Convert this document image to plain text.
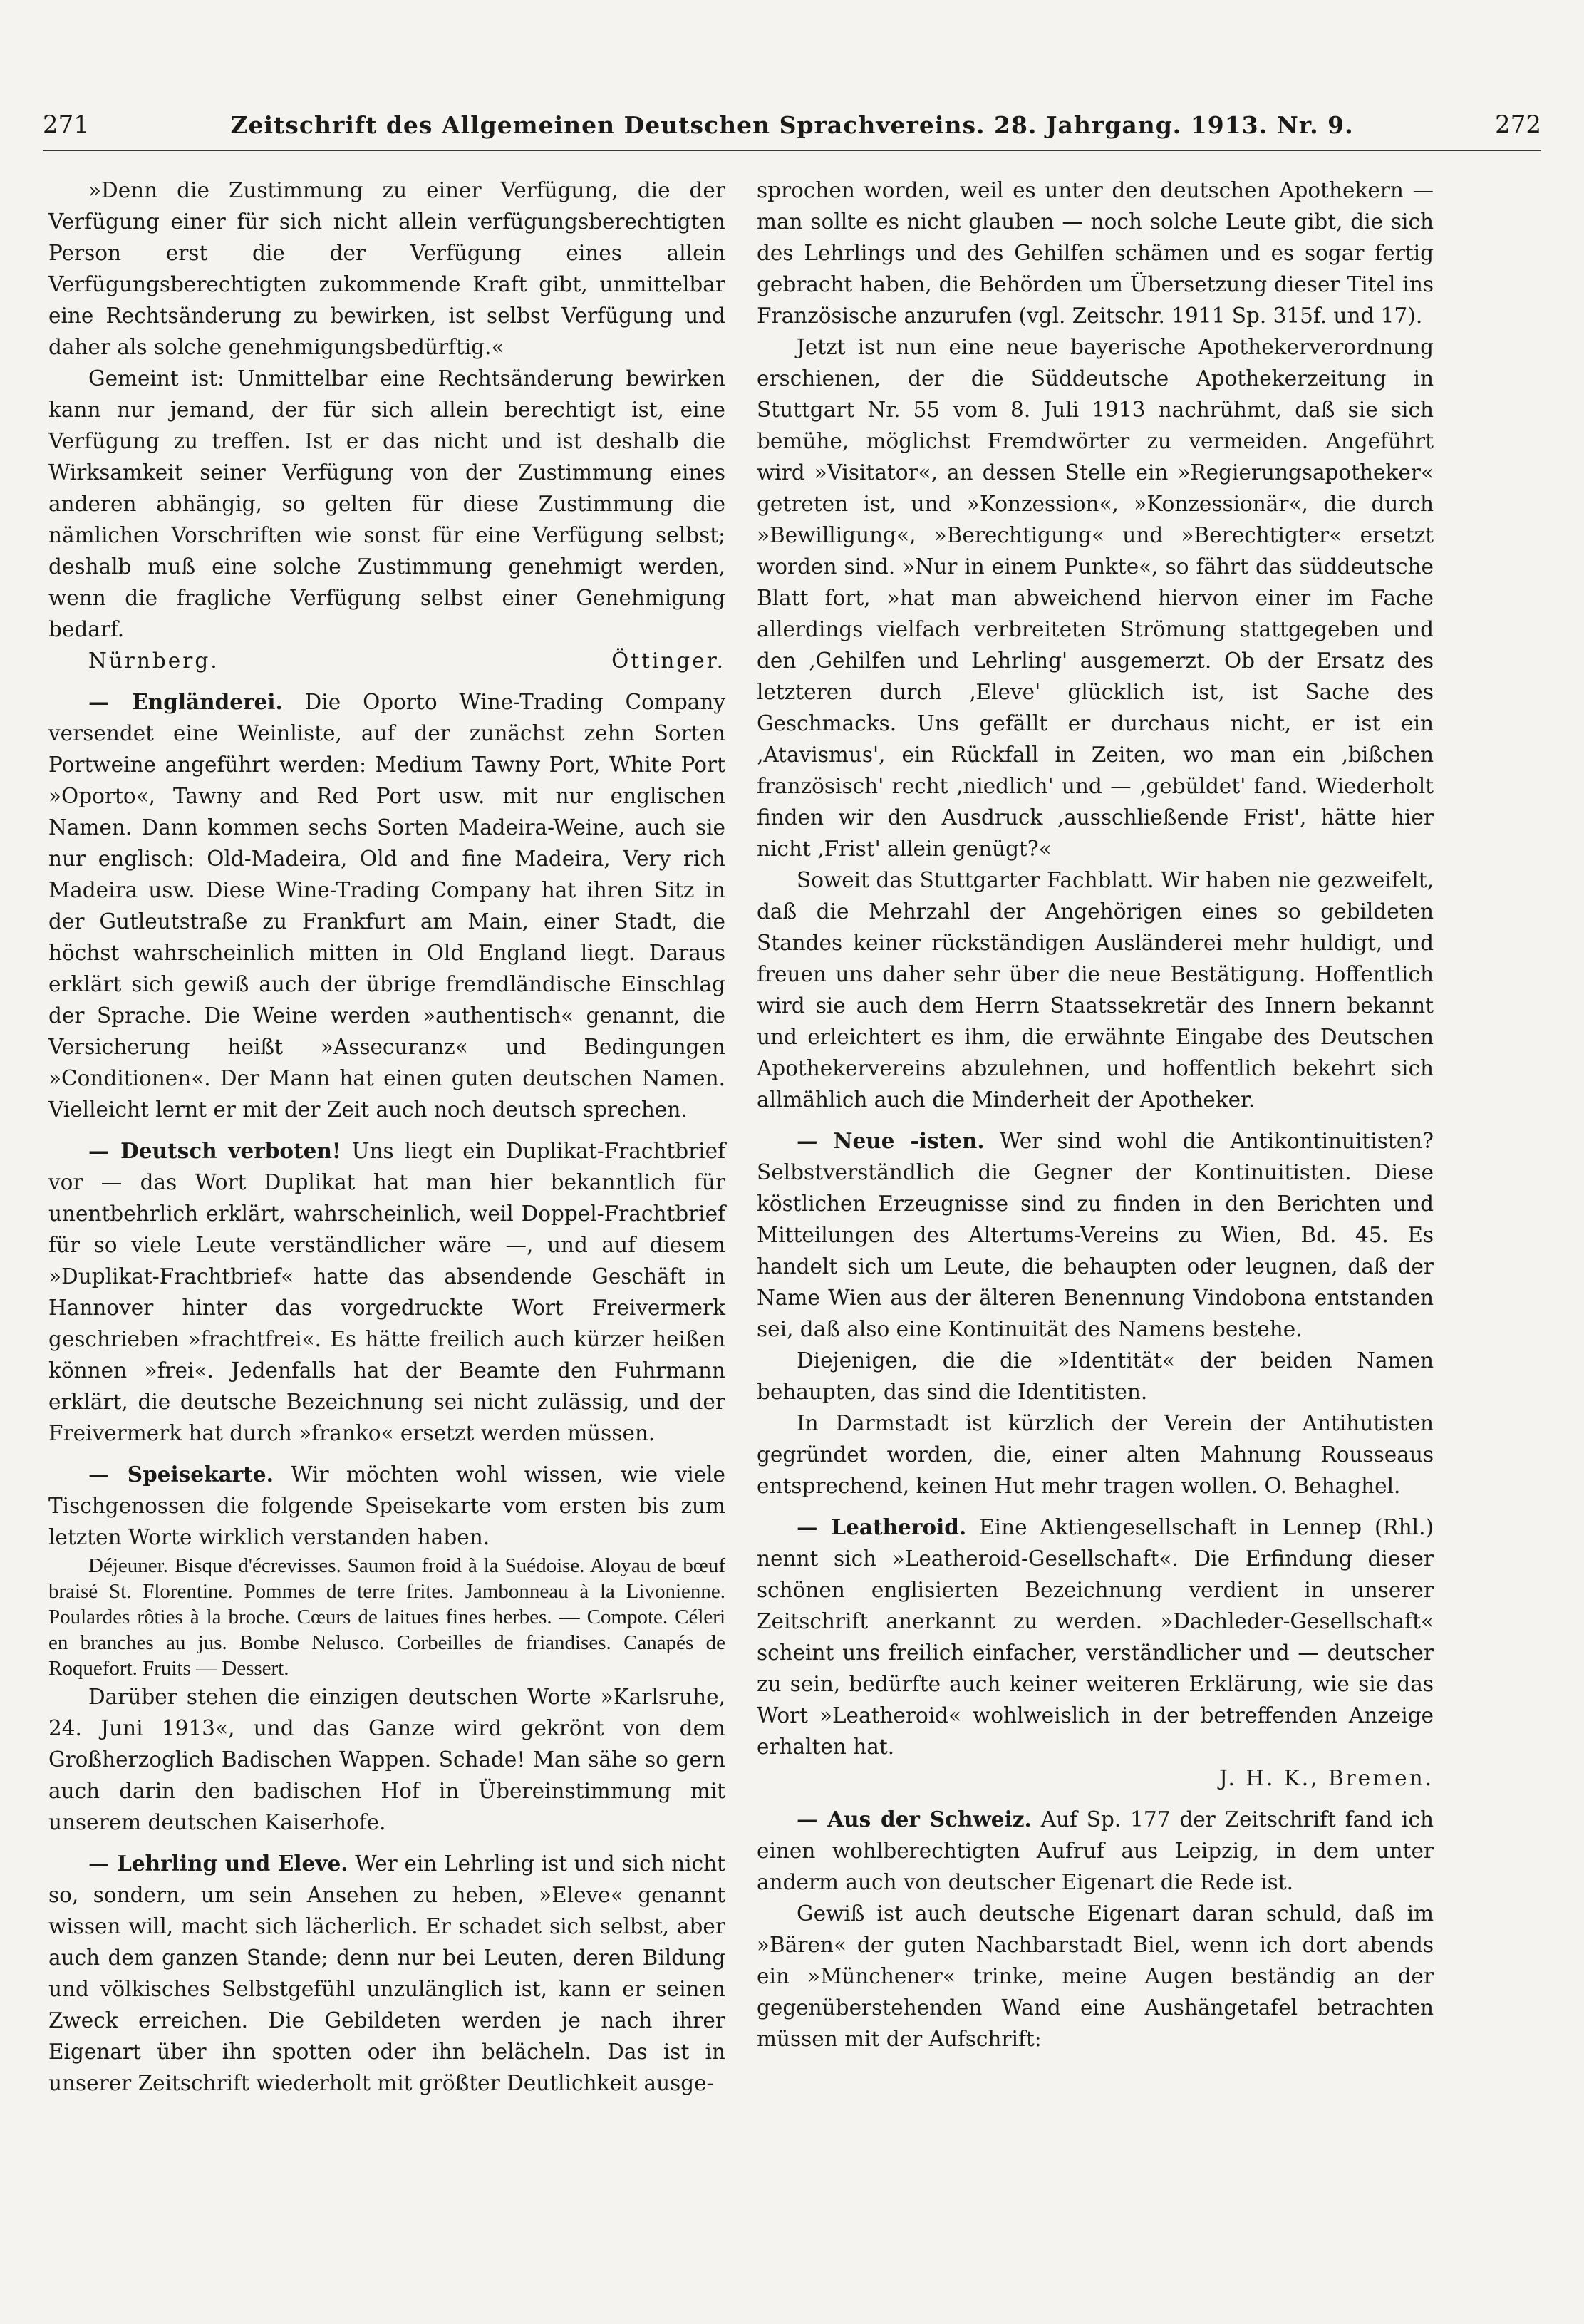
271	Zeitschrift des Allgemeinen Deutschen Sprachvereins. 28. Jahrgang. 1913. Nr. 9.	272

»Denn die Zustimmung zu einer Verfügung, die der Verfügung einer für sich nicht allein verfügungsberechtigten Person erst die der Verfügung eines allein Verfügungsberechtigten zukommende Kraft gibt, unmittelbar eine Rechtsänderung zu bewirken, ist selbst Verfügung und daher als solche genehmigungsbedürftig.«

Gemeint ist: Unmittelbar eine Rechtsänderung bewirken kann nur jemand, der für sich allein berechtigt ist, eine Verfügung zu treffen. Ist er das nicht und ist deshalb die Wirksamkeit seiner Verfügung von der Zustimmung eines anderen abhängig, so gelten für diese Zustimmung die nämlichen Vorschriften wie sonst für eine Verfügung selbst; deshalb muß eine solche Zustimmung genehmigt werden, wenn die fragliche Verfügung selbst einer Genehmigung bedarf.

Nürnberg.	Öttinger.

— Engländerei. Die Oporto Wine-Trading Company versendet eine Weinliste, auf der zunächst zehn Sorten Portweine angeführt werden: Medium Tawny Port, White Port »Oporto«, Tawny and Red Port usw. mit nur englischen Namen. Dann kommen sechs Sorten Madeira-Weine, auch sie nur englisch: Old-Madeira, Old and fine Madeira, Very rich Madeira usw. Diese Wine-Trading Company hat ihren Sitz in der Gutleutstraße zu Frankfurt am Main, einer Stadt, die höchst wahrscheinlich mitten in Old England liegt. Daraus erklärt sich gewiß auch der übrige fremdländische Einschlag der Sprache. Die Weine werden »authentisch« genannt, die Versicherung heißt »Assecuranz« und Bedingungen »Conditionen«. Der Mann hat einen guten deutschen Namen. Vielleicht lernt er mit der Zeit auch noch deutsch sprechen.

— Deutsch verboten! Uns liegt ein Duplikat-Frachtbrief vor — das Wort Duplikat hat man hier bekanntlich für unentbehrlich erklärt, wahrscheinlich, weil Doppel-Frachtbrief für so viele Leute verständlicher wäre —, und auf diesem »Duplikat-Frachtbrief« hatte das absendende Geschäft in Hannover hinter das vorgedruckte Wort Freivermerk geschrieben »frachtfrei«. Es hätte freilich auch kürzer heißen können »frei«. Jedenfalls hat der Beamte den Fuhrmann erklärt, die deutsche Bezeichnung sei nicht zulässig, und der Freivermerk hat durch »franko« ersetzt werden müssen.

— Speisekarte. Wir möchten wohl wissen, wie viele Tischgenossen die folgende Speisekarte vom ersten bis zum letzten Worte wirklich verstanden haben.

Déjeuner. Bisque d'écrevisses. Saumon froid à la Suédoise. Aloyau de bœuf braisé St. Florentine. Pommes de terre frites. Jambonneau à la Livonienne. Poulardes rôties à la broche. Cœurs de laitues fines herbes. — Compote. Céleri en branches au jus. Bombe Nelusco. Corbeilles de friandises. Canapés de Roquefort. Fruits — Dessert.

Darüber stehen die einzigen deutschen Worte »Karlsruhe, 24. Juni 1913«, und das Ganze wird gekrönt von dem Großherzoglich Badischen Wappen. Schade! Man sähe so gern auch darin den badischen Hof in Übereinstimmung mit unserem deutschen Kaiserhofe.

— Lehrling und Eleve. Wer ein Lehrling ist und sich nicht so, sondern, um sein Ansehen zu heben, »Eleve« genannt wissen will, macht sich lächerlich. Er schadet sich selbst, aber auch dem ganzen Stande; denn nur bei Leuten, deren Bildung und völkisches Selbstgefühl unzulänglich ist, kann er seinen Zweck erreichen. Die Gebildeten werden je nach ihrer Eigenart über ihn spotten oder ihn belächeln. Das ist in unserer Zeitschrift wiederholt mit größter Deutlichkeit ausge-

sprochen worden, weil es unter den deutschen Apothekern — man sollte es nicht glauben — noch solche Leute gibt, die sich des Lehrlings und des Gehilfen schämen und es sogar fertig gebracht haben, die Behörden um Übersetzung dieser Titel ins Französische anzurufen (vgl. Zeitschr. 1911 Sp. 315f. und 17).

Jetzt ist nun eine neue bayerische Apothekerverordnung erschienen, der die Süddeutsche Apothekerzeitung in Stuttgart Nr. 55 vom 8. Juli 1913 nachrühmt, daß sie sich bemühe, möglichst Fremdwörter zu vermeiden. Angeführt wird »Visitator«, an dessen Stelle ein »Regierungsapotheker« getreten ist, und »Konzession«, »Konzessionär«, die durch »Bewilligung«, »Berechtigung« und »Berechtigter« ersetzt worden sind. »Nur in einem Punkte«, so fährt das süddeutsche Blatt fort, »hat man abweichend hiervon einer im Fache allerdings vielfach verbreiteten Strömung stattgegeben und den ‚Gehilfen und Lehrling' ausgemerzt. Ob der Ersatz des letzteren durch ‚Eleve' glücklich ist, ist Sache des Geschmacks. Uns gefällt er durchaus nicht, er ist ein ‚Atavismus', ein Rückfall in Zeiten, wo man ein ‚bißchen französisch' recht ‚niedlich' und — ‚gebüldet' fand. Wiederholt finden wir den Ausdruck ‚ausschließende Frist', hätte hier nicht ‚Frist' allein genügt?«

Soweit das Stuttgarter Fachblatt. Wir haben nie gezweifelt, daß die Mehrzahl der Angehörigen eines so gebildeten Standes keiner rückständigen Ausländerei mehr huldigt, und freuen uns daher sehr über die neue Bestätigung. Hoffentlich wird sie auch dem Herrn Staatssekretär des Innern bekannt und erleichtert es ihm, die erwähnte Eingabe des Deutschen Apothekervereins abzulehnen, und hoffentlich bekehrt sich allmählich auch die Minderheit der Apotheker.

— Neue -isten. Wer sind wohl die Antikontinuitisten? Selbstverständlich die Gegner der Kontinuitisten. Diese köstlichen Erzeugnisse sind zu finden in den Berichten und Mitteilungen des Altertums-Vereins zu Wien, Bd. 45. Es handelt sich um Leute, die behaupten oder leugnen, daß der Name Wien aus der älteren Benennung Vindobona entstanden sei, daß also eine Kontinuität des Namens bestehe.

Diejenigen, die die »Identität« der beiden Namen behaupten, das sind die Identitisten.

In Darmstadt ist kürzlich der Verein der Antihutisten gegründet worden, die, einer alten Mahnung Rousseaus entsprechend, keinen Hut mehr tragen wollen. O. Behaghel.

— Leatheroid. Eine Aktiengesellschaft in Lennep (Rhl.) nennt sich »Leatheroid-Gesellschaft«. Die Erfindung dieser schönen englisierten Bezeichnung verdient in unserer Zeitschrift anerkannt zu werden. »Dachleder-Gesellschaft« scheint uns freilich einfacher, verständlicher und — deutscher zu sein, bedürfte auch keiner weiteren Erklärung, wie sie das Wort »Leatheroid« wohlweislich in der betreffenden Anzeige erhalten hat.

J. H. K., Bremen.

— Aus der Schweiz. Auf Sp. 177 der Zeitschrift fand ich einen wohlberechtigten Aufruf aus Leipzig, in dem unter anderm auch von deutscher Eigenart die Rede ist.

Gewiß ist auch deutsche Eigenart daran schuld, daß im »Bären« der guten Nachbarstadt Biel, wenn ich dort abends ein »Münchener« trinke, meine Augen beständig an der gegenüberstehenden Wand eine Aushängetafel betrachten müssen mit der Aufschrift:
